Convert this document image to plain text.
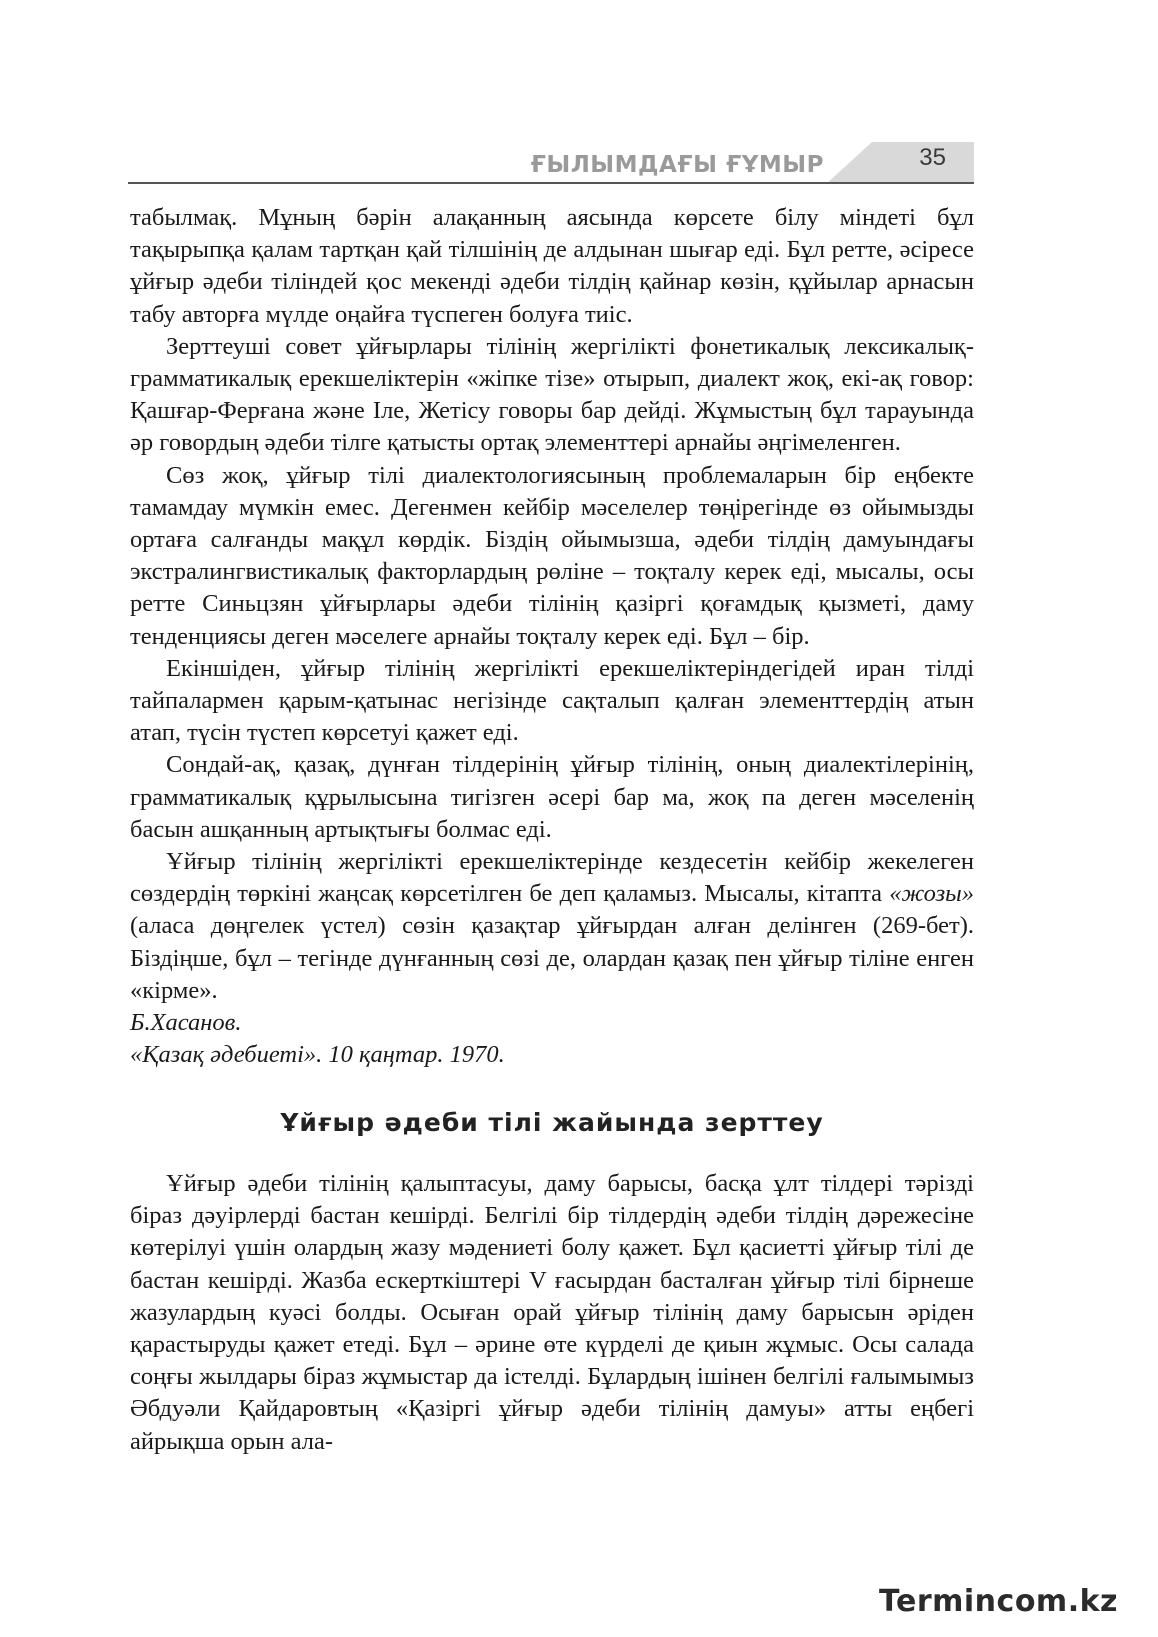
ҒЫЛЫМДАҒЫ ҒҰМЫР	35

табылмақ. Мұның бәрін алақанның аясында көрсете білу міндеті бұл тақырыпқа қалам тартқан қай тілшінің де алдынан шығар еді. Бұл ретте, әсіресе ұйғыр әдеби тіліндей қос мекенді әдеби тілдің қайнар көзін, құйылар арнасын табу авторға мүлде оңайға түспеген болуға тиіс.

Зерттеуші совет ұйғырлары тілінің жергілікті фонетикалық лексикалық-грамматикалық ерекшеліктерін «жіпке тізе» отырып, диалект жоқ, екі-ақ говор: Қашғар-Ферғана және Іле, Жетісу говоры бар дейді. Жұмыстың бұл тарауында әр говордың әдеби тілге қатысты ортақ элементтері арнайы әңгімеленген.

Сөз жоқ, ұйғыр тілі диалектологиясының проблемаларын бір еңбекте тамамдау мүмкін емес. Дегенмен кейбір мәселелер төңірегінде өз ойымызды ортаға салғанды мақұл көрдік. Біздің ойымызша, әдеби тілдің дамуындағы экстралингвистикалық факторлардың рөліне – тоқталу керек еді, мысалы, осы ретте Синьцзян ұйғырлары әдеби тілінің қазіргі қоғамдық қызметі, даму тенденциясы деген мәселеге арнайы тоқталу керек еді. Бұл – бір.

Екіншіден, ұйғыр тілінің жергілікті ерекшеліктеріндегідей иран тілді тайпалармен қарым-қатынас негізінде сақталып қалған элементтердің атын атап, түсін түстеп көрсетуі қажет еді.

Сондай-ақ, қазақ, дүнған тілдерінің ұйғыр тілінің, оның диалектілерінің, грамматикалық құрылысына тигізген әсері бар ма, жоқ па деген мәселенің басын ашқанның артықтығы болмас еді.

Ұйғыр тілінің жергілікті ерекшеліктерінде кездесетін кейбір жекелеген сөздердің төркіні жаңсақ көрсетілген бе деп қаламыз. Мысалы, кітапта «жозы» (аласа дөңгелек үстел) сөзін қазақтар ұйғырдан алған делінген (269-бет). Біздіңше, бұл – тегінде дүнғанның сөзі де, олардан қазақ пен ұйғыр тіліне енген «кірме».

Б.Хасанов.

«Қазақ әдебиеті». 10 қаңтар. 1970.

Ұйғыр әдеби тілі жайында зерттеу

Ұйғыр әдеби тілінің қалыптасуы, даму барысы, басқа ұлт тілдері тәрізді біраз дәуірлерді бастан кешірді. Белгілі бір тілдердің әдеби тілдің дәрежесіне көтерілуі үшін олардың жазу мәдениеті болу қажет. Бұл қасиетті ұйғыр тілі де бастан кешірді. Жазба ескерткіштері V ғасырдан басталған ұйғыр тілі бірнеше жазулардың куәсі болды. Осыған орай ұйғыр тілінің даму барысын әріден қарастыруды қажет етеді. Бұл – әрине өте күрделі де қиын жұмыс. Осы салада соңғы жылдары біраз жұмыстар да істелді. Бұлардың ішінен белгілі ғалымымыз Әбдуәли Қайдаровтың «Қазіргі ұйғыр әдеби тілінің дамуы» атты еңбегі айрықша орын ала-

Termincom.kz
